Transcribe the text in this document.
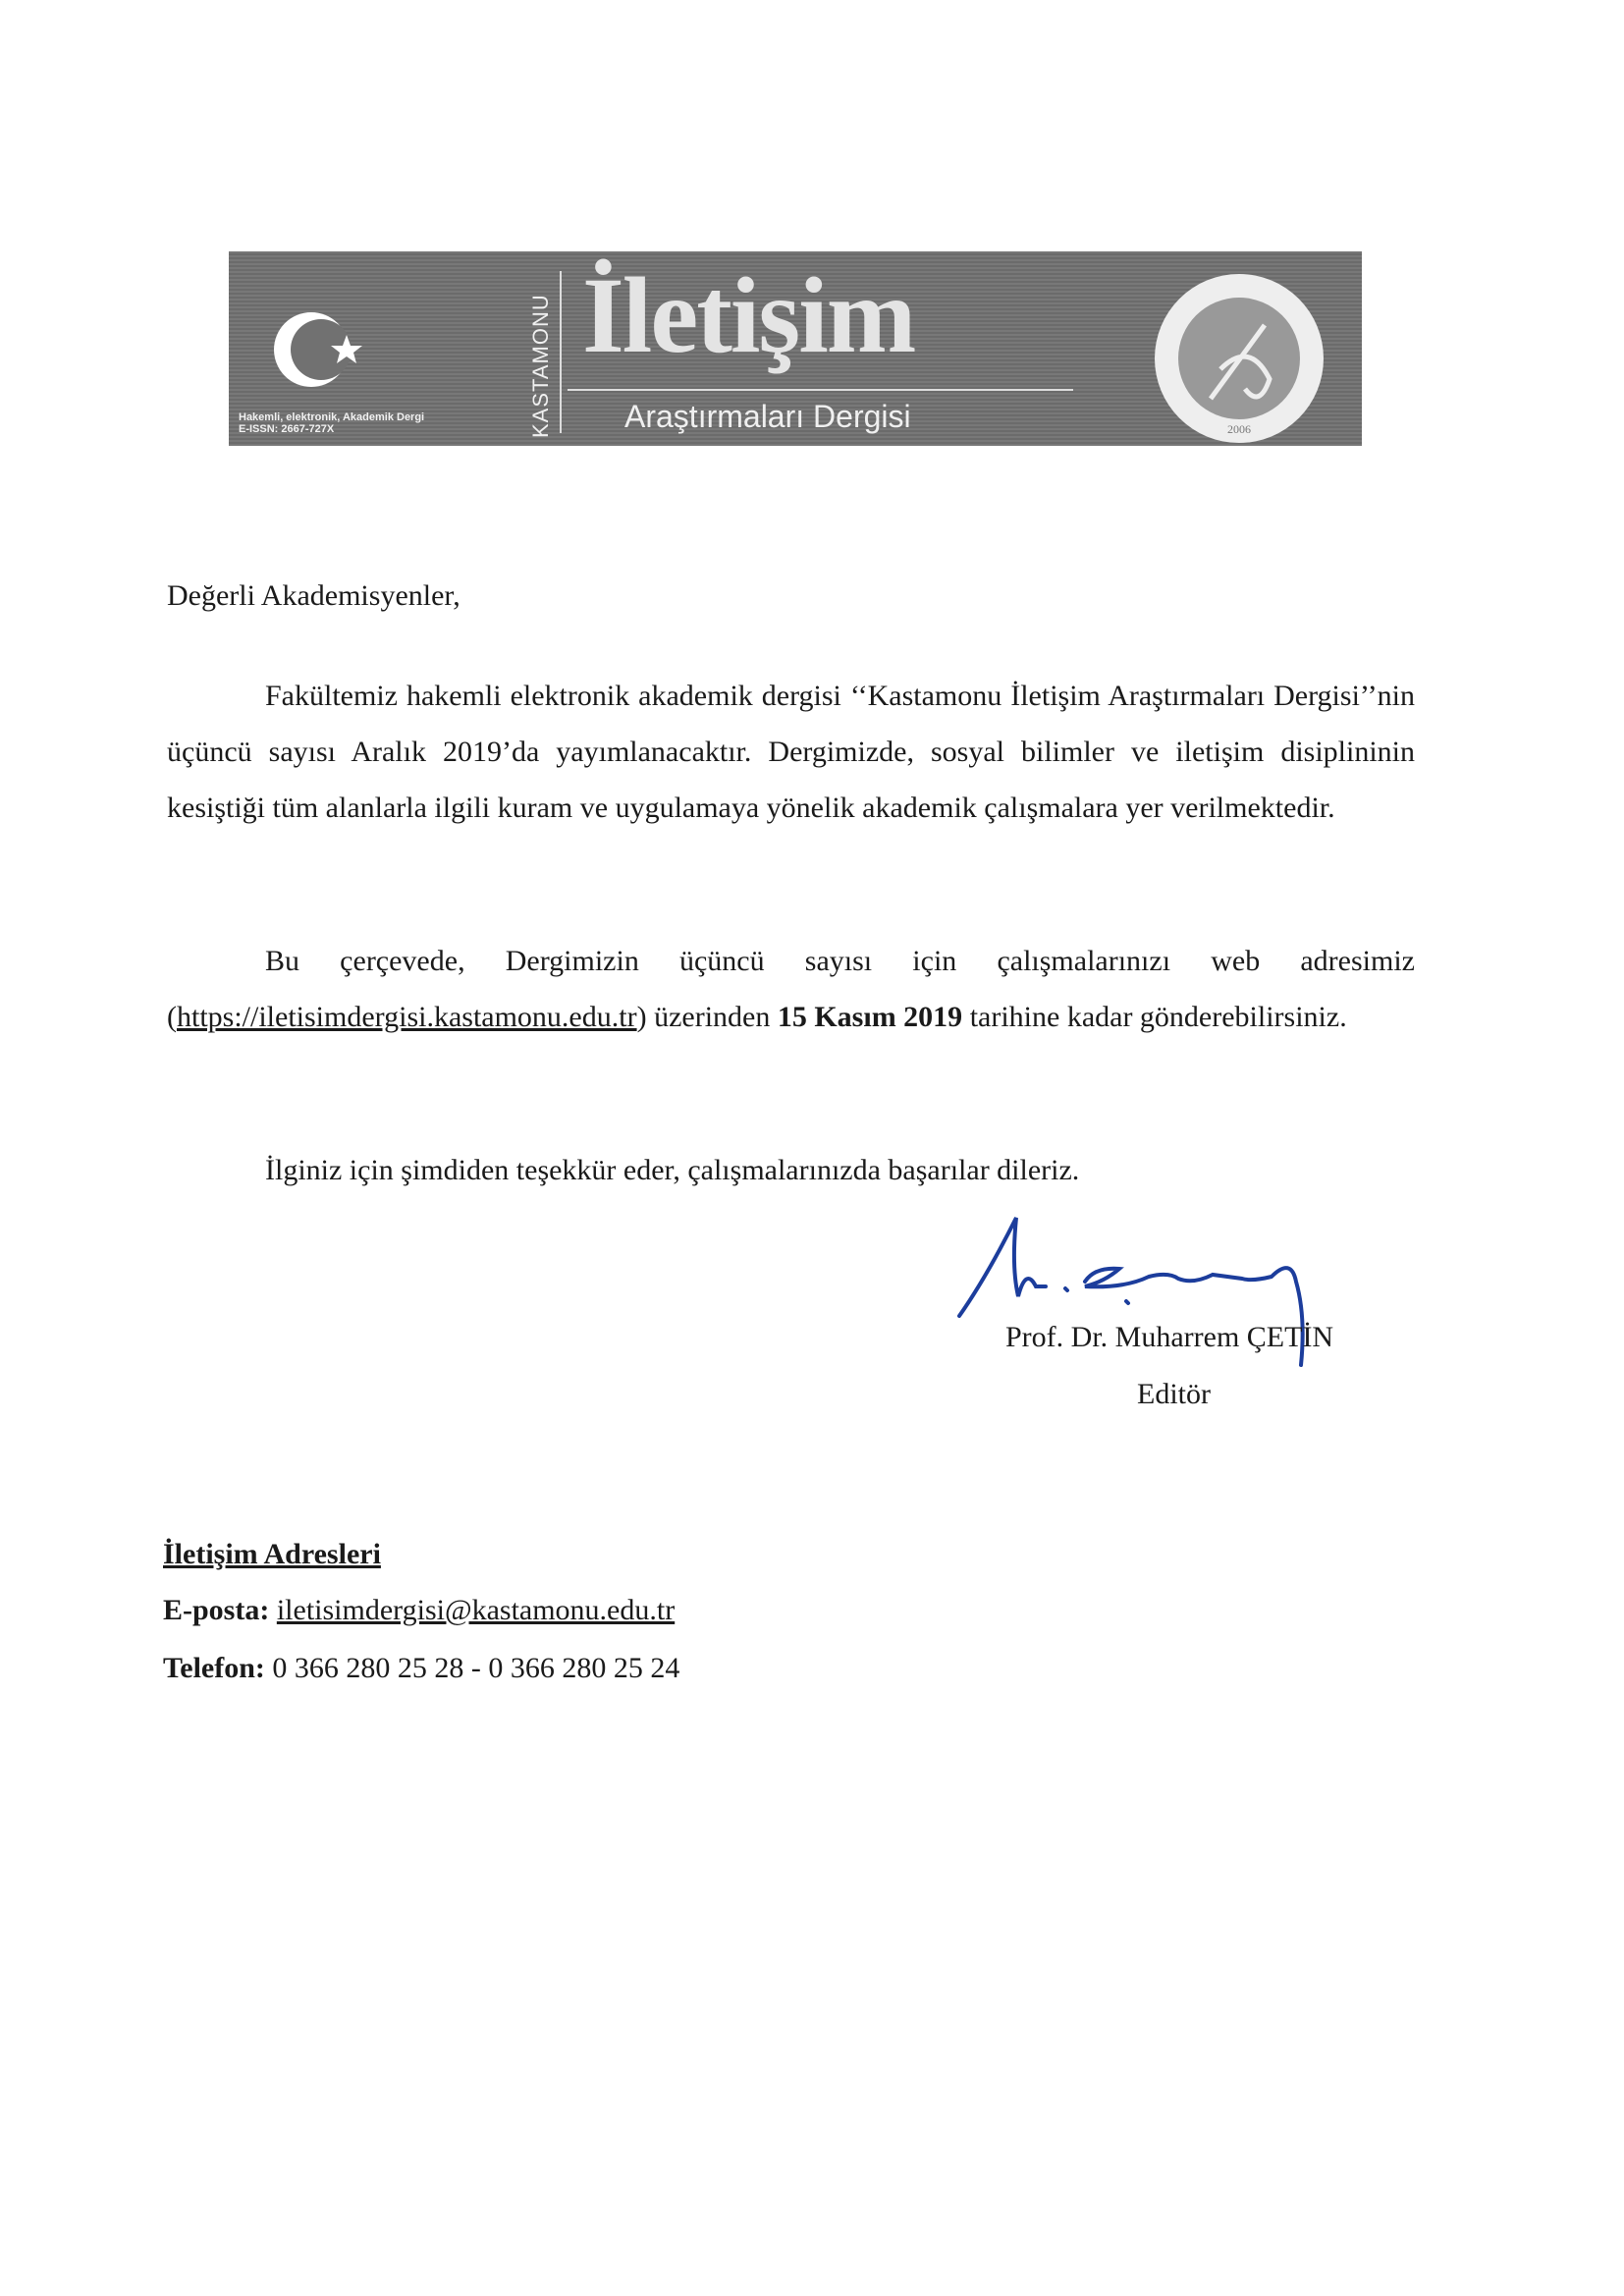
Hakemli, elektronik, Akademik Dergi
E-ISSN: 2667-727X	KASTAMONU İletişim
Araştırmaları Dergisi	2006
Değerli Akademisyenler,

Fakültemiz hakemli elektronik akademik dergisi ‘‘Kastamonu İletişim Araştırmaları Dergisi’’nin üçüncü sayısı Aralık 2019’da yayımlanacaktır. Dergimizde, sosyal bilimler ve iletişim disiplininin kesiştiği tüm alanlarla ilgili kuram ve uygulamaya yönelik akademik çalışmalara yer verilmektedir.

Bu çerçevede, Dergimizin üçüncü sayısı için çalışmalarınızı web adresimiz (https://iletisimdergisi.kastamonu.edu.tr) üzerinden 15 Kasım 2019 tarihine kadar gönderebilirsiniz.

İlginiz için şimdiden teşekkür eder, çalışmalarınızda başarılar dileriz.

Prof. Dr. Muharrem ÇETİN
Editör
İletişim Adresleri
E-posta: iletisimdergisi@kastamonu.edu.tr
Telefon: 0 366 280 25 28 - 0 366 280 25 24
